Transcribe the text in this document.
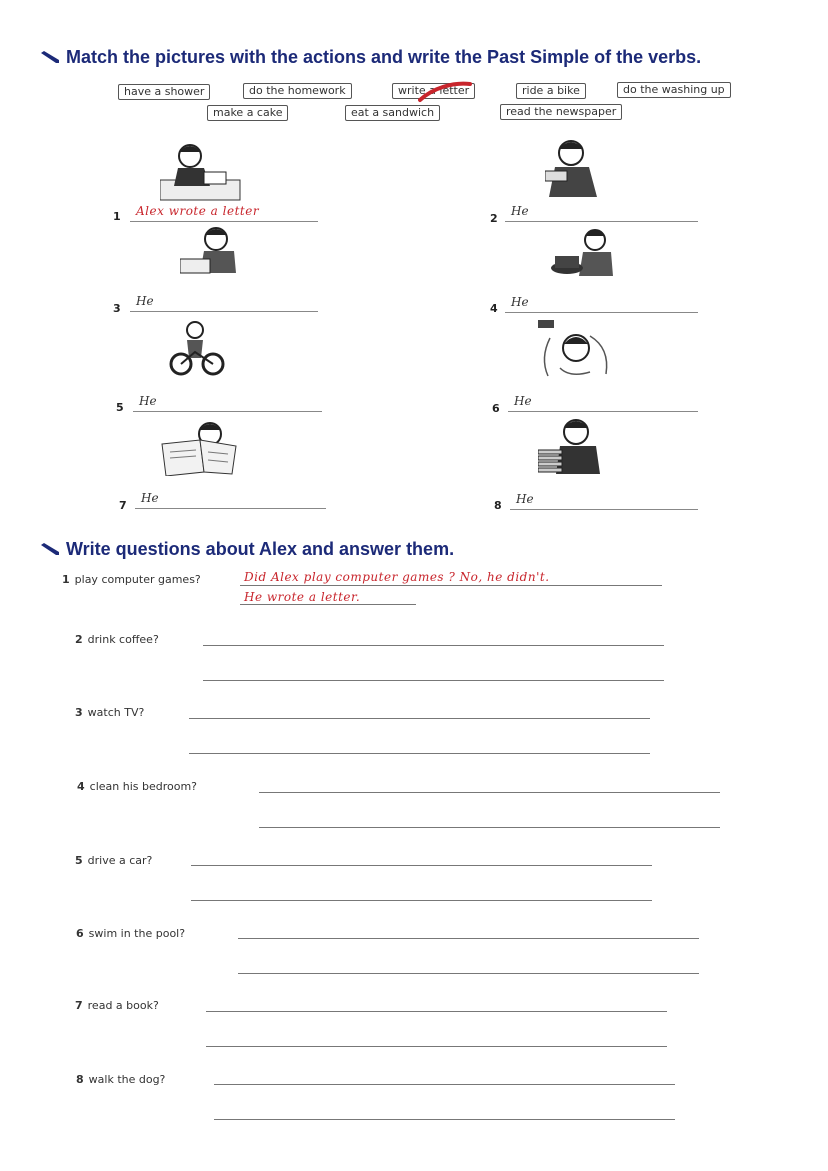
Match the pictures with the actions and write the Past Simple of the verbs.
have a shower	do the homework	write a letter	ride a bike	do the washing up
make a cake	eat a sandwich	read the newspaper
1 Alex wrote a letter
2
He
3
He
4 He
5 He
6
He
7
He
8 He
Write questions about Alex and answer them.
1 play computer games?	Did Alex play computer games ? No, he didn't.
He wrote a letter.
2 drink coffee?
3 watch TV?
4 clean his bedroom?
5 drive a car?
6 swim in the pool?
7 read a book?
8 walk the dog?
